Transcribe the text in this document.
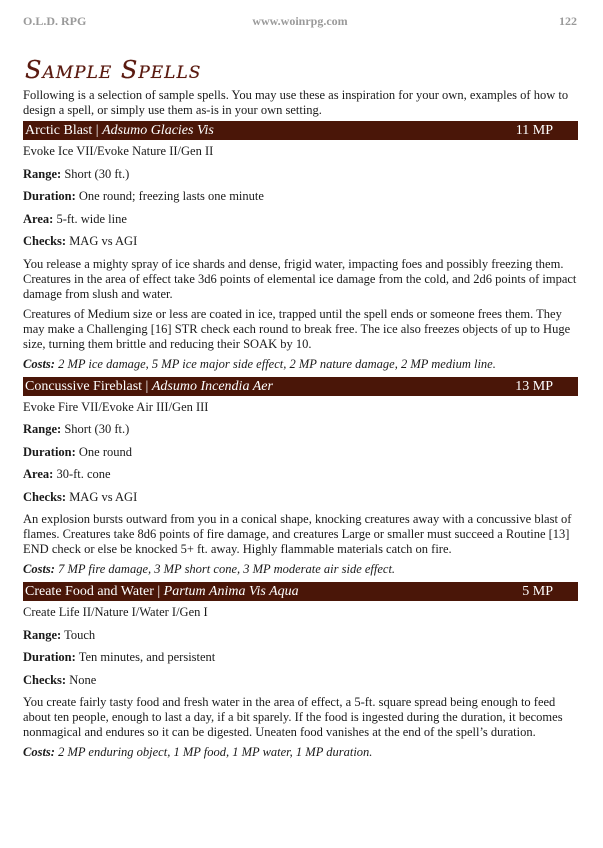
O.L.D. RPG	www.woinrpg.com	122
Sample Spells

Following is a selection of sample spells. You may use these as inspiration for your own, examples of how to design a spell, or simply use them as-is in your own setting.

Arctic Blast | Adsumo Glacies Vis	11 MP

Evoke Ice VII/Evoke Nature II/Gen II

Range: Short (30 ft.)

Duration: One round; freezing lasts one minute

Area: 5-ft. wide line

Checks: MAG vs AGI

You release a mighty spray of ice shards and dense, frigid water, impacting foes and possibly freezing them. Creatures in the area of effect take 3d6 points of elemental ice damage from the cold, and 2d6 points of impact damage from slush and water.

Creatures of Medium size or less are coated in ice, trapped until the spell ends or someone frees them. They may make a Challenging [16] STR check each round to break free. The ice also freezes objects of up to Huge size, turning them brittle and reducing their SOAK by 10.

Costs: 2 MP ice damage, 5 MP ice major side effect, 2 MP nature damage, 2 MP medium line.

Concussive Fireblast | Adsumo Incendia Aer	13 MP

Evoke Fire VII/Evoke Air III/Gen III

Range: Short (30 ft.)

Duration: One round

Area: 30-ft. cone

Checks: MAG vs AGI

An explosion bursts outward from you in a conical shape, knocking creatures away with a concussive blast of flames. Creatures take 8d6 points of fire damage, and creatures Large or smaller must succeed a Routine [13] END check or else be knocked 5+ ft. away. Highly flammable materials catch on fire.

Costs: 7 MP fire damage, 3 MP short cone, 3 MP moderate air side effect.

Create Food and Water | Partum Anima Vis Aqua	5 MP

Create Life II/Nature I/Water I/Gen I

Range: Touch

Duration: Ten minutes, and persistent

Checks: None

You create fairly tasty food and fresh water in the area of effect, a 5-ft. square spread being enough to feed about ten people, enough to last a day, if a bit sparely. If the food is ingested during the duration, it becomes nonmagical and endures so it can be digested. Uneaten food vanishes at the end of the spell’s duration.

Costs: 2 MP enduring object, 1 MP food, 1 MP water, 1 MP duration.
